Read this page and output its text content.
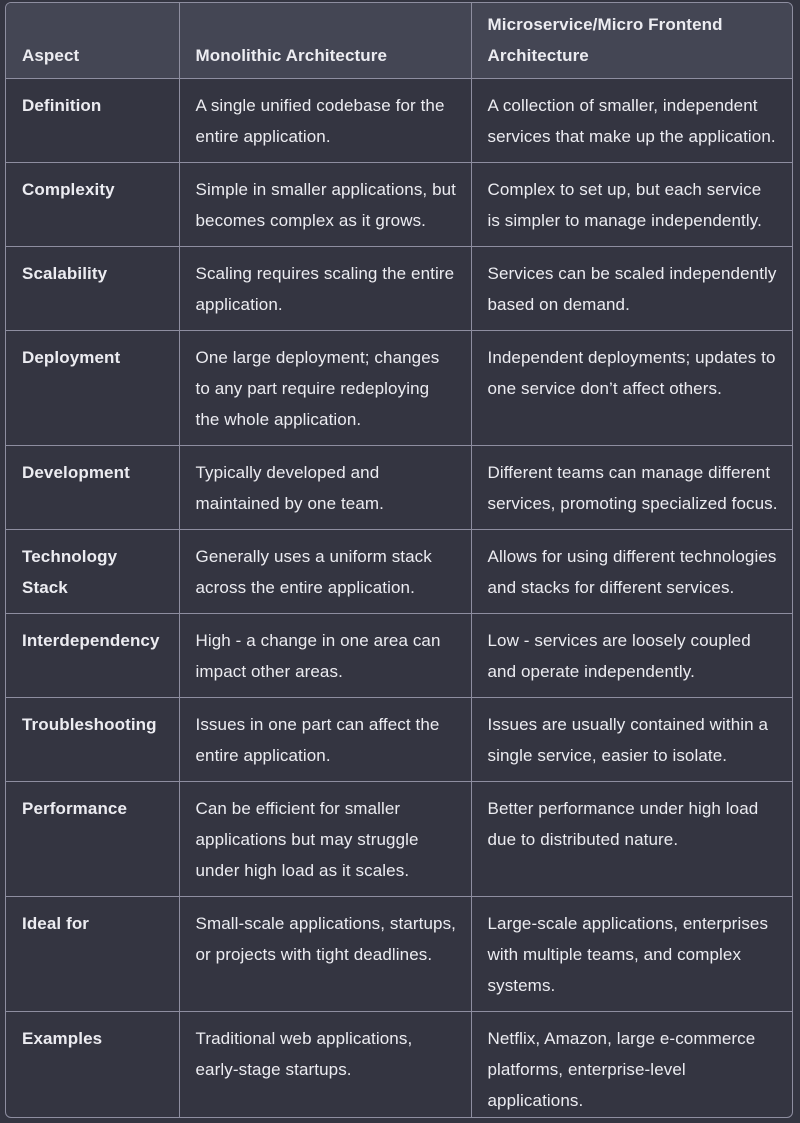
Aspect	Monolithic Architecture	Microservice/Micro Frontend Architecture
Definition	A single unified codebase for the entire application.	A collection of smaller, independent services that make up the application.
Complexity	Simple in smaller applications, but becomes complex as it grows.	Complex to set up, but each service is simpler to manage independently.
Scalability	Scaling requires scaling the entire application.	Services can be scaled independently based on demand.
Deployment	One large deployment; changes to any part require redeploying the whole application.	Independent deployments; updates to one service don’t affect others.
Development	Typically developed and maintained by one team.	Different teams can manage different services, promoting specialized focus.
Technology Stack	Generally uses a uniform stack across the entire application.	Allows for using different technologies and stacks for different services.
Interdependency	High - a change in one area can impact other areas.	Low - services are loosely coupled and operate independently.
Troubleshooting	Issues in one part can affect the entire application.	Issues are usually contained within a single service, easier to isolate.
Performance	Can be efficient for smaller applications but may struggle under high load as it scales.	Better performance under high load due to distributed nature.
Ideal for	Small-scale applications, startups, or projects with tight deadlines.	Large-scale applications, enterprises with multiple teams, and complex systems.
Examples	Traditional web applications, early-stage startups.	Netflix, Amazon, large e-commerce platforms, enterprise-level applications.
